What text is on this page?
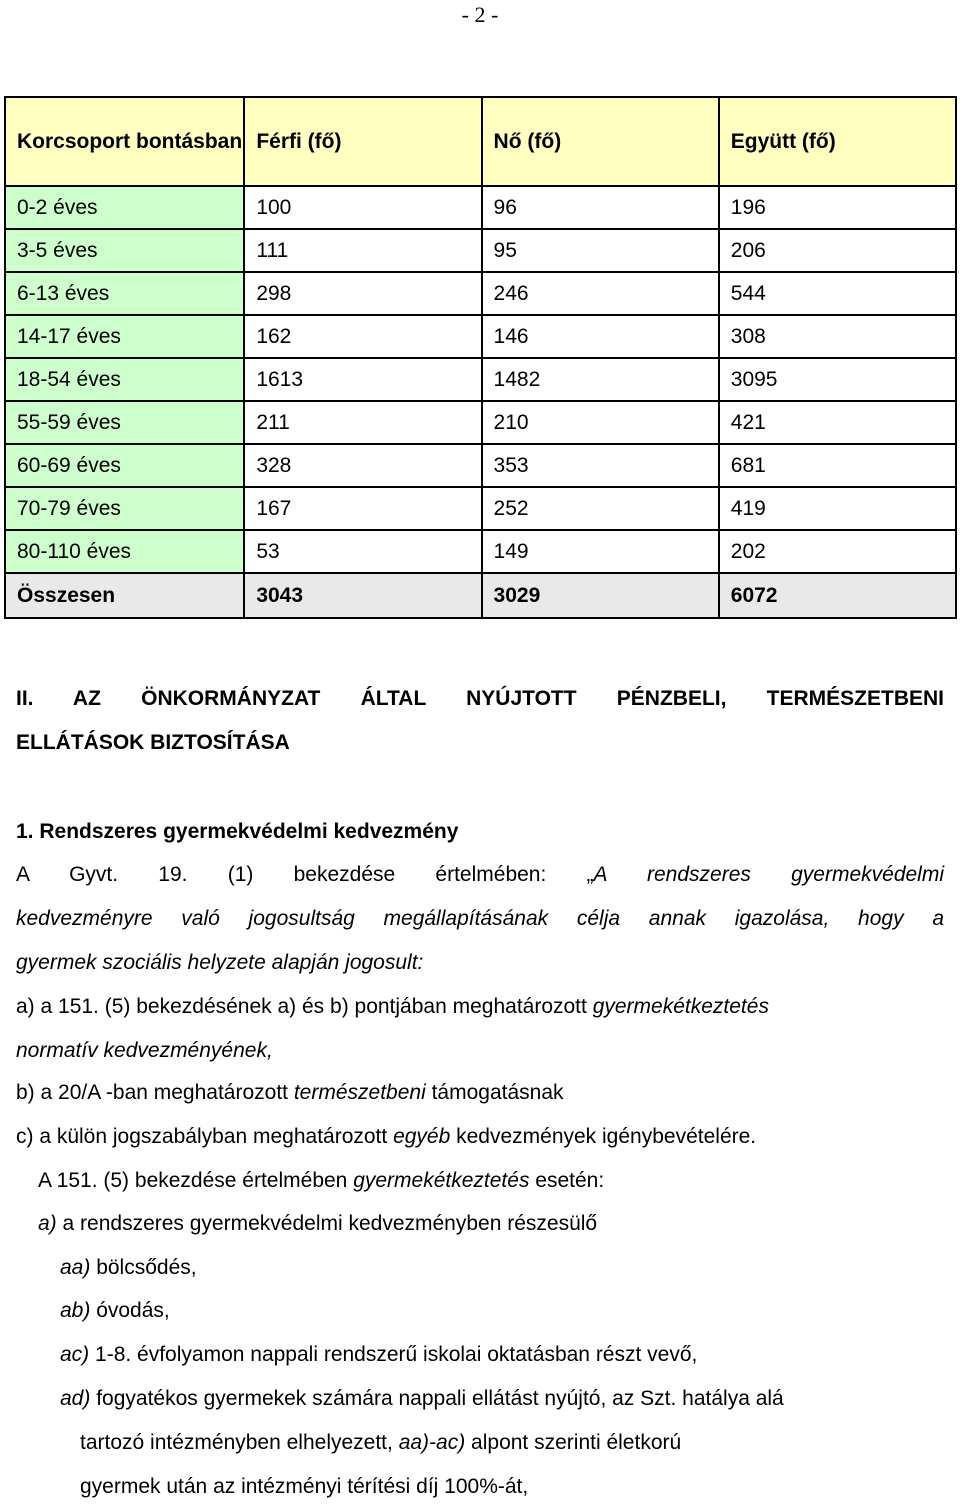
- 2 -
Korcsoport bontásban	Férfi (fő)	Nő (fő)	Együtt (fő)
0-2 éves	100	96	196
3-5 éves	111	95	206
6-13 éves	298	246	544
14-17 éves	162	146	308
18-54 éves	1613	1482	3095
55-59 éves	211	210	421
60-69 éves	328	353	681
70-79 éves	167	252	419
80-110 éves	53	149	202
Összesen	3043	3029	6072
II. AZ ÖNKORMÁNYZAT ÁLTAL NYÚJTOTT PÉNZBELI, TERMÉSZETBENI
ELLÁTÁSOK BIZTOSÍTÁSA
1. Rendszeres gyermekvédelmi kedvezmény
A Gyvt. 19. (1) bekezdése értelmében: „A rendszeres gyermekvédelmi
kedvezményre való jogosultság megállapításának célja annak igazolása, hogy a
gyermek szociális helyzete alapján jogosult:
a) a 151. (5) bekezdésének a) és b) pontjában meghatározott gyermekétkeztetés
normatív kedvezményének,
b) a 20/A -ban meghatározott természetbeni támogatásnak
c) a külön jogszabályban meghatározott egyéb kedvezmények igénybevételére.
A 151. (5) bekezdése értelmében gyermekétkeztetés esetén:
a) a rendszeres gyermekvédelmi kedvezményben részesülő
aa) bölcsődés,
ab) óvodás,
ac) 1-8. évfolyamon nappali rendszerű iskolai oktatásban részt vevő,
ad) fogyatékos gyermekek számára nappali ellátást nyújtó, az Szt. hatálya alá
tartozó intézményben elhelyezett, aa)-ac) alpont szerinti életkorú
gyermek után az intézményi térítési díj 100%-át,
